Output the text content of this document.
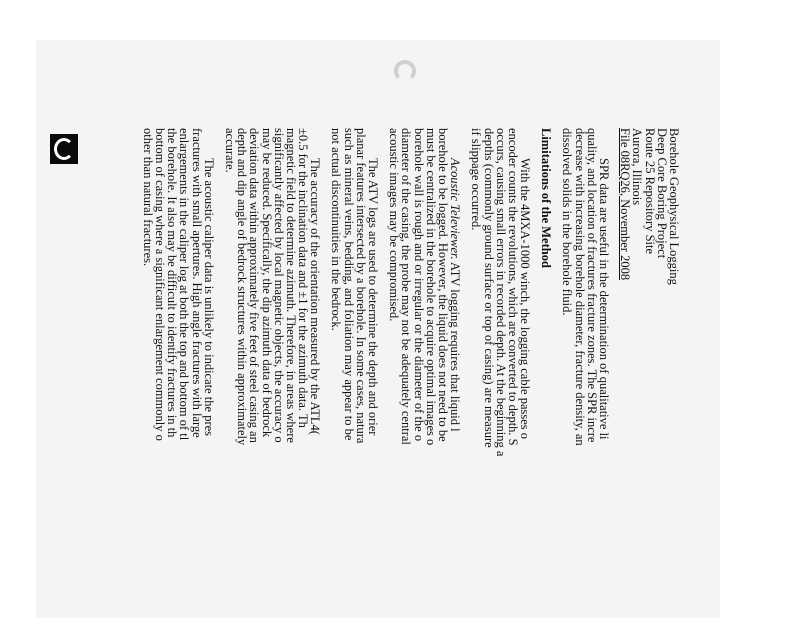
Borehole Geophysical Logging
Deep Core Boring Project
Route 25 Repository Site
Aurora, Illinois
File 08RQ26, November 2008
SPR data are useful in the determination of qualitative li
quality, and location of fractures fracture zones. The SPR incre
decrease with increasing borehole diameter, fracture density, an
dissolved solids in the borehole fluid.
Limitations of the Method
With the 4MXA-1000 winch, the logging cable passes o
encoder counts the revolutions, which are converted to depth. S
occurs, causing small errors in recorded depth. At the beginning a
depths (commonly ground surface or top of casing) are measure
if slippage occurred.
Acoustic Televiewer. ATV logging requires that liquid l
borehole to be logged. However, the liquid does not need to be
must be centralized in the borehole to acquire optimal images o
borehole wall is rough and or irregular or the diameter of the o
diameter of the casing, the probe may not be adequately central
acoustic images may be compromised.
The ATV logs are used to determine the depth and orier
planar features intersected by a borehole. In some cases, natura
such as mineral veins, bedding, and foliation may appear to be
not actual discontinuities in the bedrock.
The accuracy of the orientation measured by the ATL4(
±0.5 for the inclination data and ±1 for the azimuth data. Th
magnetic field to determine azimuth. Therefore, in areas where
significantly affected by local magnetic objects, the accuracy o
may be reduced. Specifically, the dip azimuth data of bedrock
deviation data within approximately five feet of steel casing an
depth and dip angle of bedrock structures within approximately
accurate.
The acoustic caliper data is unlikely to indicate the pres
fractures with small apertures. High angle fractures with large
enlargements in the caliper log at both the top and bottom of tl
the borehole. It also may be difficult to identify fractures in th
bottom of casing where a significant enlargement commonly o
other than natural fractures.
